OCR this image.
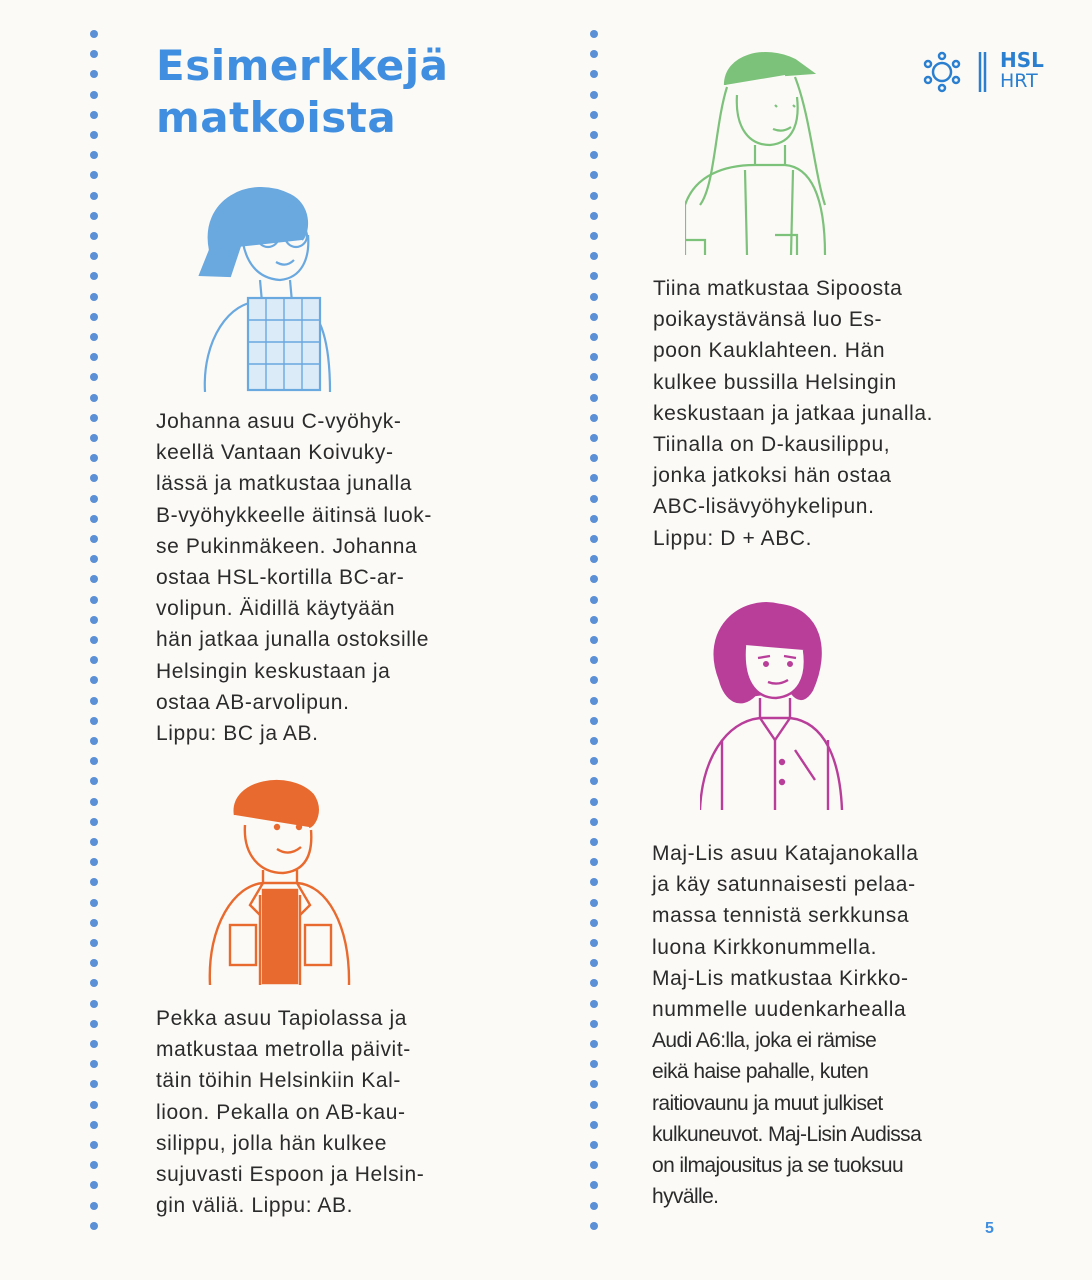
Esimerkkejä
matkoista
HSL
HRT
Johanna asuu C-vyöhyk-
keellä Vantaan Koivuky-
lässä ja matkustaa junalla
B-vyöhykkeelle äitinsä luok-
se Pukinmäkeen. Johanna
ostaa HSL-kortilla BC-ar-
volipun. Äidillä käytyään
hän jatkaa junalla ostoksille
Helsingin keskustaan ja
ostaa AB-arvolipun.
Lippu: BC ja AB.
Pekka asuu Tapiolassa ja
matkustaa metrolla päivit-
täin töihin Helsinkiin Kal-
lioon. Pekalla on AB-kau-
silippu, jolla hän kulkee
sujuvasti Espoon ja Helsin-
gin väliä. Lippu: AB.
Tiina matkustaa Sipoosta
poikaystävänsä luo Es-
poon Kauklahteen. Hän
kulkee bussilla Helsingin
keskustaan ja jatkaa junalla.
Tiinalla on D-kausilippu,
jonka jatkoksi hän ostaa
ABC-lisävyöhykelipun.
Lippu: D + ABC.
Maj-Lis asuu Katajanokalla
ja käy satunnaisesti pelaa-
massa tennistä serkkunsa
luona Kirkkonummella.
Maj-Lis matkustaa Kirkko-
nummelle uudenkarhealla
Audi A6:lla, joka ei rämise
eikä haise pahalle, kuten
raitiovaunu ja muut julkiset
kulkuneuvot. Maj-Lisin Audissa
on ilmajousitus ja se tuoksuu
hyvälle.
5
